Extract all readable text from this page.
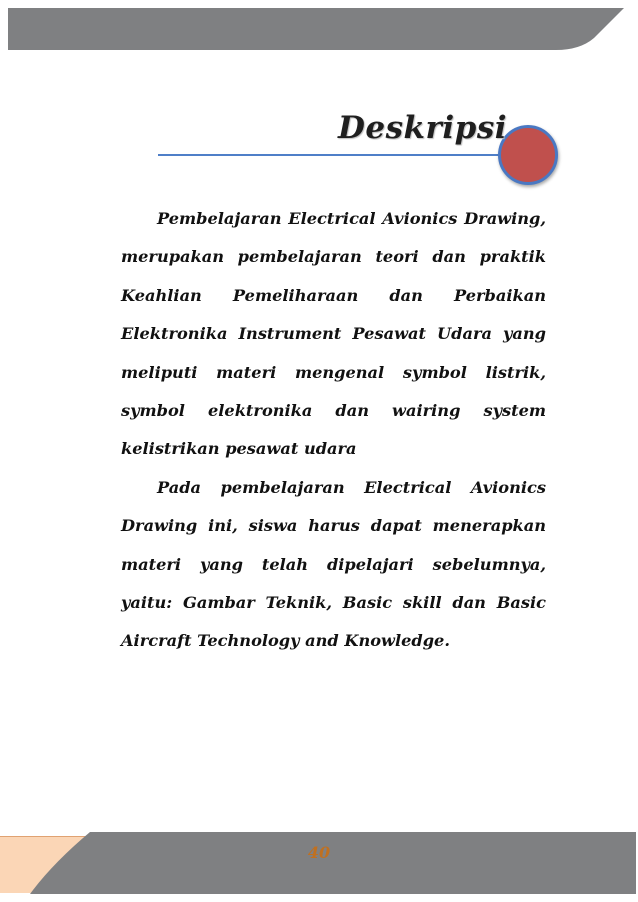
Deskripsi

Pembelajaran Electrical Avionics Drawing, merupakan pembelajaran teori dan praktik Keahlian Pemeliharaan dan Perbaikan Elektronika Instrument Pesawat Udara yang meliputi materi mengenal symbol listrik, symbol elektronika dan wairing system kelistrikan pesawat udara

Pada pembelajaran Electrical Avionics Drawing ini, siswa harus dapat menerapkan materi yang telah dipelajari sebelumnya, yaitu: Gambar Teknik, Basic skill dan Basic Aircraft Technology and Knowledge.

40
